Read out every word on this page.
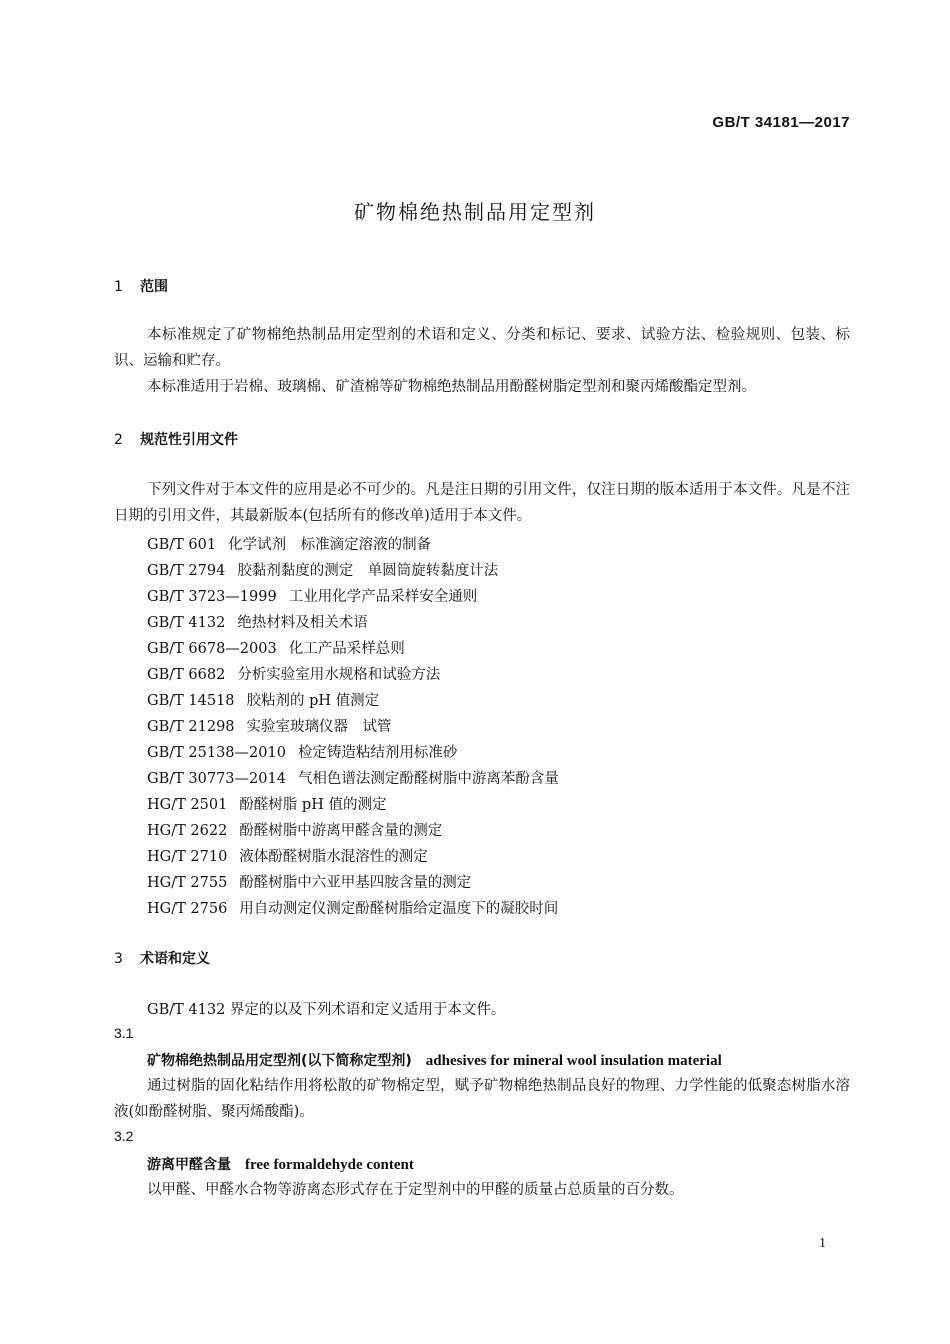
GB/T 34181—2017
矿物棉绝热制品用定型剂
1 范围
本标准规定了矿物棉绝热制品用定型剂的术语和定义、分类和标记、要求、试验方法、检验规则、包装、标识、运输和贮存。
本标准适用于岩棉、玻璃棉、矿渣棉等矿物棉绝热制品用酚醛树脂定型剂和聚丙烯酸酯定型剂。
2 规范性引用文件
下列文件对于本文件的应用是必不可少的。凡是注日期的引用文件，仅注日期的版本适用于本文件。凡是不注日期的引用文件，其最新版本(包括所有的修改单)适用于本文件。
GB/T 601 化学试剂　标准滴定溶液的制备
GB/T 2794 胶黏剂黏度的测定　单圆筒旋转黏度计法
GB/T 3723—1999 工业用化学产品采样安全通则
GB/T 4132 绝热材料及相关术语
GB/T 6678—2003 化工产品采样总则
GB/T 6682 分析实验室用水规格和试验方法
GB/T 14518 胶粘剂的 pH 值测定
GB/T 21298 实验室玻璃仪器　试管
GB/T 25138—2010 检定铸造粘结剂用标准砂
GB/T 30773—2014 气相色谱法测定酚醛树脂中游离苯酚含量
HG/T 2501 酚醛树脂 pH 值的测定
HG/T 2622 酚醛树脂中游离甲醛含量的测定
HG/T 2710 液体酚醛树脂水混溶性的测定
HG/T 2755 酚醛树脂中六亚甲基四胺含量的测定
HG/T 2756 用自动测定仪测定酚醛树脂给定温度下的凝胶时间
3 术语和定义
GB/T 4132 界定的以及下列术语和定义适用于本文件。
3.1
矿物棉绝热制品用定型剂(以下简称定型剂) adhesives for mineral wool insulation material
通过树脂的固化粘结作用将松散的矿物棉定型，赋予矿物棉绝热制品良好的物理、力学性能的低聚态树脂水溶液(如酚醛树脂、聚丙烯酸酯)。
3.2
游离甲醛含量 free formaldehyde content
以甲醛、甲醛水合物等游离态形式存在于定型剂中的甲醛的质量占总质量的百分数。
1
